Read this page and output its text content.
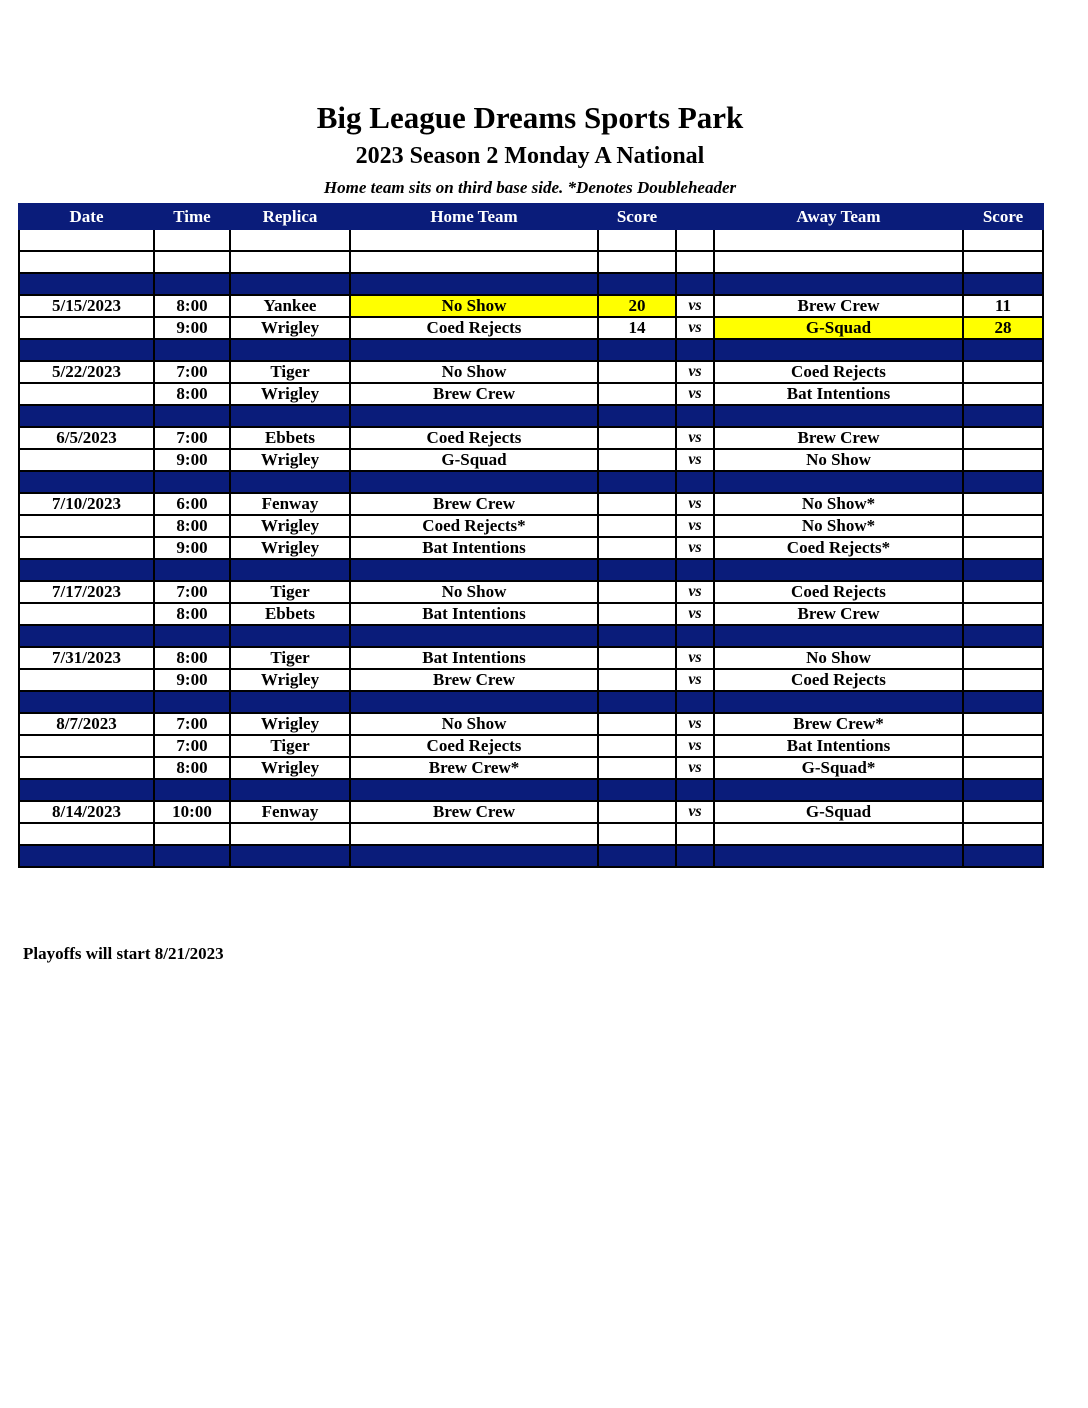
Big League Dreams Sports Park
2023 Season 2 Monday A National
Home team sits on third base side. *Denotes Doubleheader
Date	Time	Replica	Home Team	Score		Away Team	Score

5/15/2023	8:00	Yankee	No Show	20	vs	Brew Crew	11
	9:00	Wrigley	Coed Rejects	14	vs	G-Squad	28

5/22/2023	7:00	Tiger	No Show		vs	Coed Rejects	
	8:00	Wrigley	Brew Crew		vs	Bat Intentions	

6/5/2023	7:00	Ebbets	Coed Rejects		vs	Brew Crew	
	9:00	Wrigley	G-Squad		vs	No Show	

7/10/2023	6:00	Fenway	Brew Crew		vs	No Show*	
	8:00	Wrigley	Coed Rejects*		vs	No Show*	
	9:00	Wrigley	Bat Intentions		vs	Coed Rejects*	

7/17/2023	7:00	Tiger	No Show		vs	Coed Rejects	
	8:00	Ebbets	Bat Intentions		vs	Brew Crew	

7/31/2023	8:00	Tiger	Bat Intentions		vs	No Show	
	9:00	Wrigley	Brew Crew		vs	Coed Rejects	

8/7/2023	7:00	Wrigley	No Show		vs	Brew Crew*	
	7:00	Tiger	Coed Rejects		vs	Bat Intentions	
	8:00	Wrigley	Brew Crew*		vs	G-Squad*	

8/14/2023	10:00	Fenway	Brew Crew		vs	G-Squad	

Playoffs will start 8/21/2023
